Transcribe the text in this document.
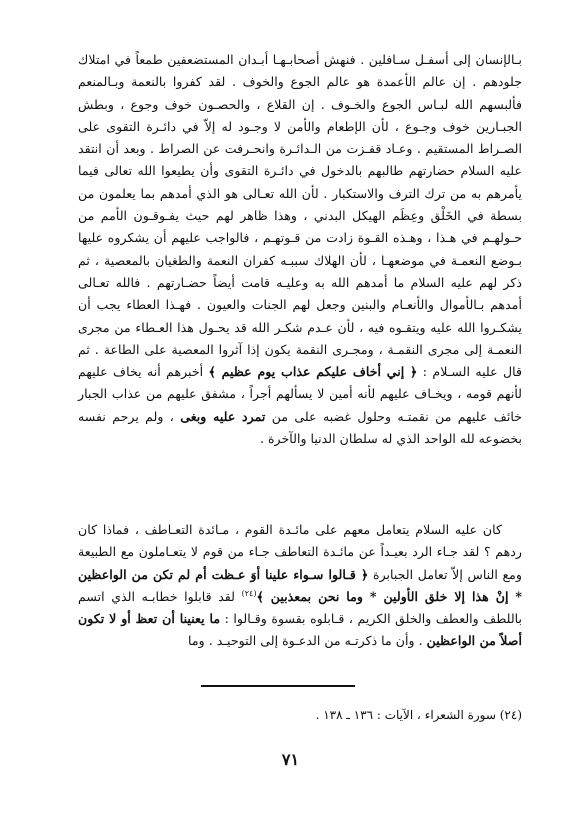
بـالإنسان إلى أسفـل سـافلين . فنهش أصحابـهـا أبـدان المستضعفين طمعاً في امتلاك جلودهم . إن عالم الأعمدة هو عالم الجوع والخوف . لقد كفروا بالنعمة وبـالمنعم فألبسهم الله لبـاس الجوع والخـوف . إن القلاع ، والحصـون خوف وجوع ، وبطش الجبـارين خوف وجـوع ، لأن الإطعام والأمن لا وجـود له إلاّ في دائـرة التقوى على الصـراط المستقيم . وعـاد قفـزت من الـدائـرة وانحـرفت عن الصراط . وبعد أن انتقد عليه السلام حضارتهم طالبهم بالدخول في دائـرة التقوى وأن يطيعوا الله تعالى فيما يأمرهم به من ترك الترف والاستكبار . لأن الله تعـالى هو الذي أمدهم بما يعلمون من بسطة في الخَلْق وعِظَم الهيكل البدني ، وهذا ظاهر لهم حيث يفـوقـون الأمم من حـولهـم في هـذا ، وهـذه القـوة زادت من قـوتهـم ، فالواجب عليهم أن يشكروه عليها بـوضع النعمـة في موضعهـا ، لأن الهلاك سببـه كفران النعمة والطغيان بالمعصية ، ثم ذكر لهم عليه السلام ما أمدهم الله به وعليـه قامت أيضاً حضـارتهم . فالله تعـالى أمدهم بـالأموال والأنعـام والبنين وجعل لهم الجنات والعيون . فهـذا العطاء يجب أن يشكـروا الله عليه ويتقـوه فيه ، لأن عـدم شكـر الله قد يحـول هذا العـطاء من مجرى النعمـة إلى مجرى النقمـة ، ومجـرى النقمة يكون إذا آثروا المعصية على الطاعة . ثم قال عليه السـلام : ﴿ إني أخاف عليكم عذاب يوم عظيم ﴾ أخبرهم أنه يخاف عليهم لأنهم قومه ، ويخـاف عليهم لأنه أمين لا يسألهم أجراً ، مشفق عليهم من عذاب الجبار خائف عليهم من نقمتـه وحلول غضبه على من تمرد عليه وبغى ، ولم يرحم نفسه بخضوعه لله الواحد الذي له سلطان الدنيا والآخرة .
كان عليه السلام يتعامل معهم على مائـدة القوم ، مـائدة التعـاطف ، فماذا كان ردهم ؟ لقد جـاء الرد بعيـداً عن مائـدة التعاطف جـاء من قوم لا يتعـاملون مع الطبيعة ومع الناس إلاّ تعامل الجبابرة ﴿ قـالوا سـواء علينا أوَ عـظت أم لم تكن من الواعظين * إنْ هذا إلا خلق الأولين * وما نحن بمعذبين ﴾$^{(٢٤)}$ لقد قابلوا خطابـه الذي اتسم باللطف والعطف والخلق الكريم ، قـابلوه بقسوة وقـالوا : ما يعنينا أن تعظ أو لا تكون أصلاً من الواعظين . وأن ما ذكرتـه من الدعـوة إلى التوحيـد . وما
(٢٤) سورة الشعراء ، الآيات : ١٣٦ ـ ١٣٨ .
٧١
